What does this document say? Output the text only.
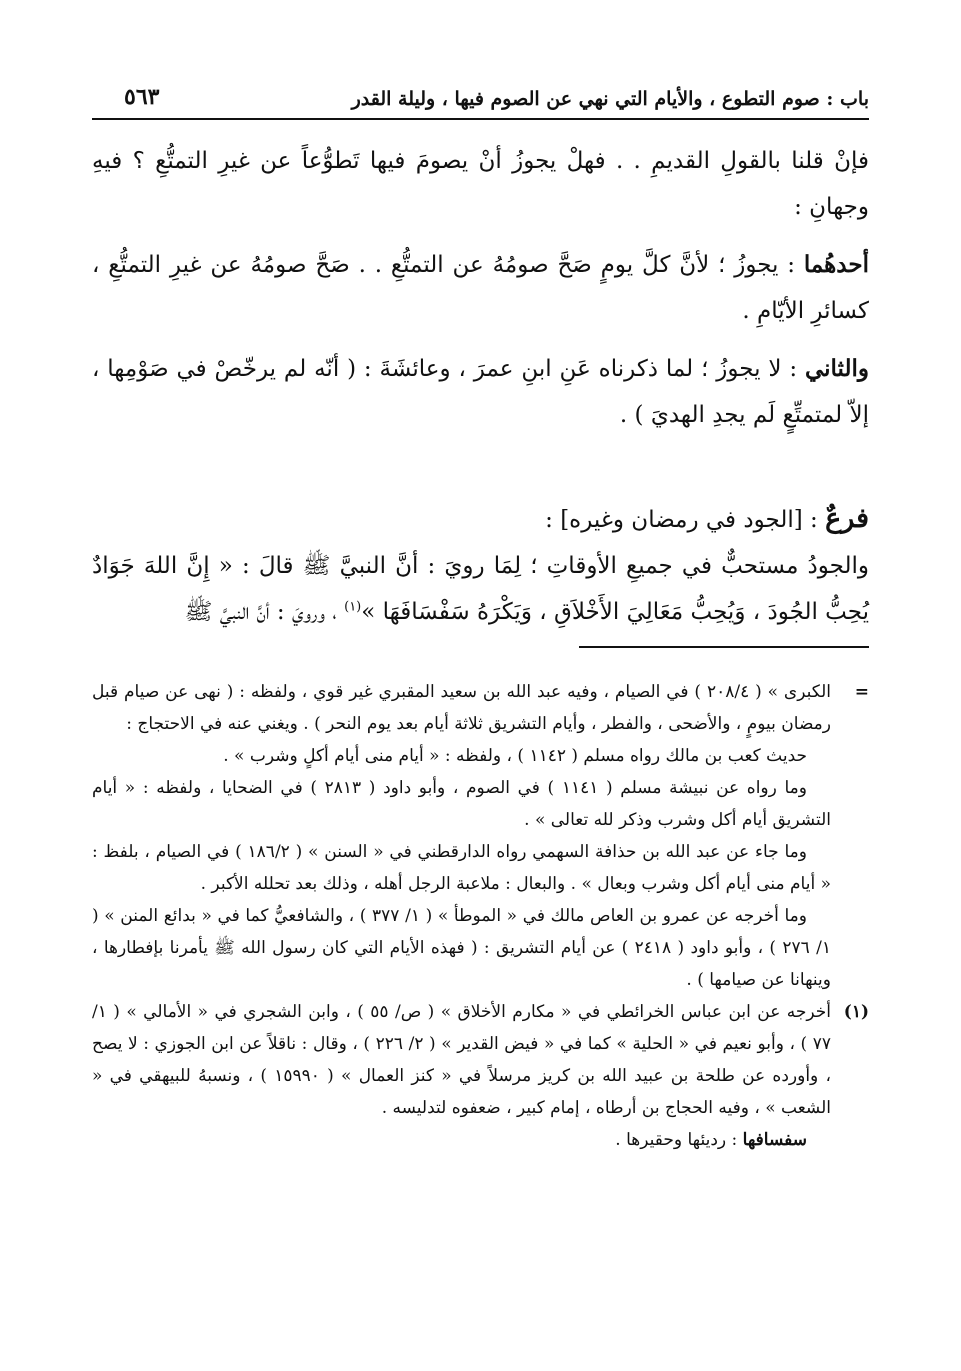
باب : صوم التطوع ، والأيام التي نهي عن الصوم فيها ، وليلة القدر
٥٦٣

فإنْ قلنا بالقولِ القديمِ . . فهلْ يجوزُ أنْ يصومَ فيها تَطوُّعاً عن غيرِ التمتُّعِ ؟ فيهِ وجهانِ :

أحدهُما : يجوزُ ؛ لأنَّ كلَّ يومٍ صَحَّ صومُهُ عن التمتُّعِ . . صَحَّ صومُهُ عن غيرِ التمتُّعِ ، كسائرِ الأيّامِ .

والثاني : لا يجوزُ ؛ لما ذكرناه عَنِ ابنِ عمرَ ، وعائشَةَ : ( أنّه لم يرخّصْ في صَوْمِها ، إلاّ لمتمتِّعٍ لَم يجدِ الهديَ ) .

فرعٌ : [الجود في رمضان وغيره] :

والجودُ مستحبٌّ في جميعِ الأوقاتِ ؛ لِمَا رويَ : أنَّ النبيَّ ﷺ قالَ : « إِنَّ اللهَ جَوَادٌ يُحِبُّ الجُودَ ، وَيُحِبُّ مَعَالِيَ الأَخْلاَقِ ، وَيَكْرَهُ سَفْسَافَهَا »$^{(١)}$ ، ورويَ : أنَّ النبيَّ ﷺ

=

الكبرى » ( ٢٠٨/٤ ) في الصيام ، وفيه عبد الله بن سعيد المقبري غير قوي ، ولفظه : ( نهى عن صيام قبل رمضان بيومٍ ، والأضحى ، والفطر ، وأيام التشريق ثلاثة أيام بعد يوم النحر ) . ويغني عنه في الاحتجاج :

حديث كعب بن مالك رواه مسلم ( ١١٤٢ ) ، ولفظه : « أيام منى أيام أكلٍ وشرب » .

وما رواه عن نبيشة مسلم ( ١١٤١ ) في الصوم ، وأبو داود ( ٢٨١٣ ) في الضحايا ، ولفظه : « أيام التشريق أيام أكل وشرب وذكر لله تعالى » .

وما جاء عن عبد الله بن حذافة السهمي رواه الدارقطني في « السنن » ( ١٨٦/٢ ) في الصيام ، بلفظ : « أيام منى أيام أكل وشرب وبعال » . والبعال : ملاعبة الرجل أهله ، وذلك بعد تحلله الأكبر .

وما أخرجه عن عمرو بن العاص مالك في « الموطأ » ( ١/ ٣٧٧ ) ، والشافعيُّ كما في « بدائع المنن » ( ١/ ٢٧٦ ) ، وأبو داود ( ٢٤١٨ ) عن أيام التشريق : ( فهذه الأيام التي كان رسول الله ﷺ يأمرنا بإفطارها ، وينهانا عن صيامها ) .

(١)

أخرجه عن ابن عباس الخرائطي في « مكارم الأخلاق » ( ص/ ٥٥ ) ، وابن الشجري في « الأمالي » ( ١/ ٧٧ ) ، وأبو نعيم في « الحلية » كما في « فيض القدير » ( ٢/ ٢٢٦ ) ، وقال : ناقلاً عن ابن الجوزي : لا يصح ، وأورده عن طلحة بن عبيد الله بن كريز مرسلاً في « كنز العمال » ( ١٥٩٩٠ ) ، ونسبهُ للبيهقي في « الشعب » ، وفيه الحجاج بن أرطاه ، إمام كبير ، ضعفوه لتدليسه .

سفسافها : رديئها وحقيرها .
